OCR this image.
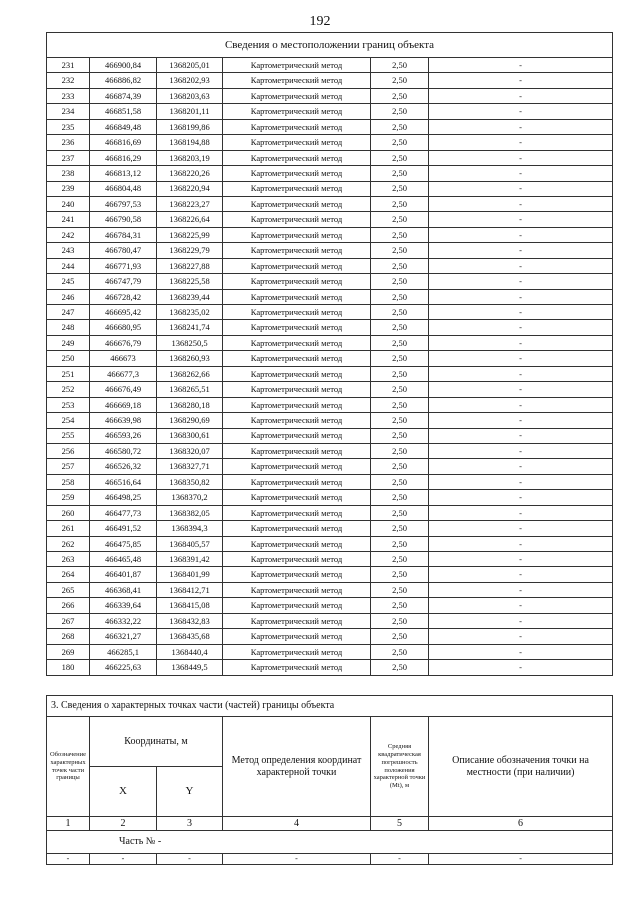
192
Сведения о местоположении границ объекта					
231	466900,84	1368205,01	Картометрический метод	2,50	-
232	466886,82	1368202,93	Картометрический метод	2,50	-
233	466874,39	1368203,63	Картометрический метод	2,50	-
234	466851,58	1368201,11	Картометрический метод	2,50	-
235	466849,48	1368199,86	Картометрический метод	2,50	-
236	466816,69	1368194,88	Картометрический метод	2,50	-
237	466816,29	1368203,19	Картометрический метод	2,50	-
238	466813,12	1368220,26	Картометрический метод	2,50	-
239	466804,48	1368220,94	Картометрический метод	2,50	-
240	466797,53	1368223,27	Картометрический метод	2,50	-
241	466790,58	1368226,64	Картометрический метод	2,50	-
242	466784,31	1368225,99	Картометрический метод	2,50	-
243	466780,47	1368229,79	Картометрический метод	2,50	-
244	466771,93	1368227,88	Картометрический метод	2,50	-
245	466747,79	1368225,58	Картометрический метод	2,50	-
246	466728,42	1368239,44	Картометрический метод	2,50	-
247	466695,42	1368235,02	Картометрический метод	2,50	-
248	466680,95	1368241,74	Картометрический метод	2,50	-
249	466676,79	1368250,5	Картометрический метод	2,50	-
250	466673	1368260,93	Картометрический метод	2,50	-
251	466677,3	1368262,66	Картометрический метод	2,50	-
252	466676,49	1368265,51	Картометрический метод	2,50	-
253	466669,18	1368280,18	Картометрический метод	2,50	-
254	466639,98	1368290,69	Картометрический метод	2,50	-
255	466593,26	1368300,61	Картометрический метод	2,50	-
256	466580,72	1368320,07	Картометрический метод	2,50	-
257	466526,32	1368327,71	Картометрический метод	2,50	-
258	466516,64	1368350,82	Картометрический метод	2,50	-
259	466498,25	1368370,2	Картометрический метод	2,50	-
260	466477,73	1368382,05	Картометрический метод	2,50	-
261	466491,52	1368394,3	Картометрический метод	2,50	-
262	466475,85	1368405,57	Картометрический метод	2,50	-
263	466465,48	1368391,42	Картометрический метод	2,50	-
264	466401,87	1368401,99	Картометрический метод	2,50	-
265	466368,41	1368412,71	Картометрический метод	2,50	-
266	466339,64	1368415,08	Картометрический метод	2,50	-
267	466332,22	1368432,83	Картометрический метод	2,50	-
268	466321,27	1368435,68	Картометрический метод	2,50	-
269	466285,1	1368440,4	Картометрический метод	2,50	-
180	466225,63	1368449,5	Картометрический метод	2,50	-
3. Сведения о характерных точках части (частей) границы объекта					
Обозначение характерных точек части границы	Координаты, м		Метод определения координат характерной точки	Средняя квадратическая погрешность положения характерной точки (Mt), м	Описание обозначения точки на местности (при наличии)
	X	Y			
1	2	3	4	5	6
Часть № -					
-	-	-	-	-	-
